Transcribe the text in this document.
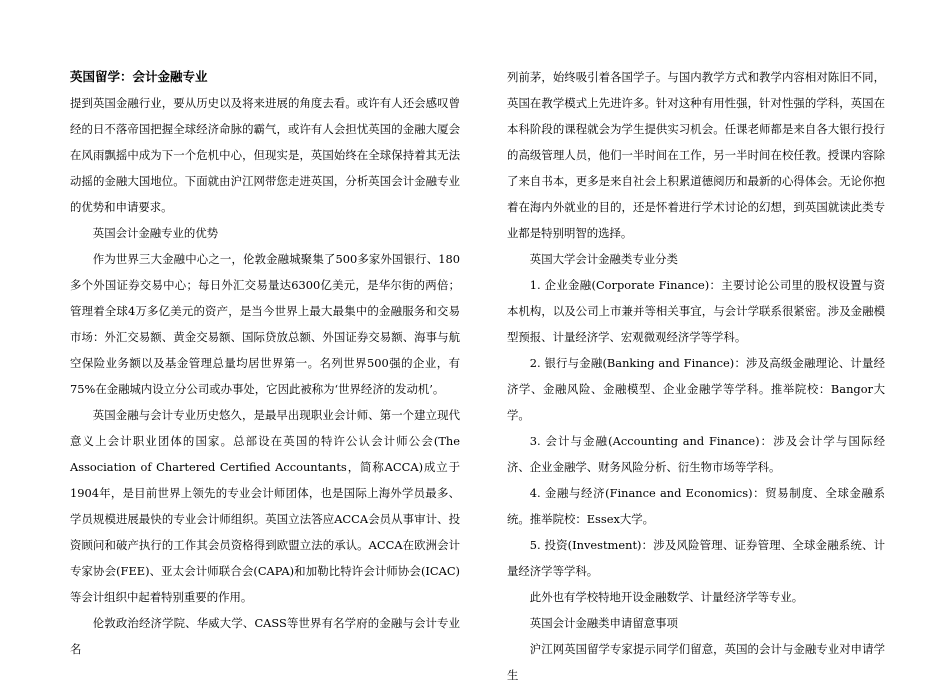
英国留学：会计金融专业

提到英国金融行业，要从历史以及将来进展的角度去看。或许有人还会感叹曾经的日不落帝国把握全球经济命脉的霸气，或许有人会担忧英国的金融大厦会在风雨飘摇中成为下一个危机中心，但现实是，英国始终在全球保持着其无法动摇的金融大国地位。下面就由沪江网带您走进英国，分析英国会计金融专业的优势和申请要求。

英国会计金融专业的优势

作为世界三大金融中心之一，伦敦金融城聚集了500多家外国银行、180多个外国证券交易中心；每日外汇交易量达6300亿美元，是华尔街的两倍；管理着全球4万多亿美元的资产，是当今世界上最大最集中的金融服务和交易市场：外汇交易额、黄金交易额、国际贷放总额、外国证券交易额、海事与航空保险业务额以及基金管理总量均居世界第一。名列世界500强的企业，有75%在金融城内设立分公司或办事处，它因此被称为‘世界经济的发动机’。

英国金融与会计专业历史悠久，是最早出现职业会计师、第一个建立现代意义上会计职业团体的国家。总部设在英国的特许公认会计师公会(The Association of Chartered Certified Accountants，简称ACCA)成立于1904年，是目前世界上领先的专业会计师团体，也是国际上海外学员最多、学员规模进展最快的专业会计师组织。英国立法答应ACCA会员从事审计、投资顾问和破产执行的工作其会员资格得到欧盟立法的承认。ACCA在欧洲会计专家协会(FEE)、亚太会计师联合会(CAPA)和加勒比特许会计师协会(ICAC)等会计组织中起着特别重要的作用。

伦敦政治经济学院、华威大学、CASS等世界有名学府的金融与会计专业名

列前茅，始终吸引着各国学子。与国内教学方式和教学内容相对陈旧不同，英国在教学模式上先进许多。针对这种有用性强，针对性强的学科，英国在本科阶段的课程就会为学生提供实习机会。任课老师都是来自各大银行投行的高级管理人员，他们一半时间在工作，另一半时间在校任教。授课内容除了来自书本，更多是来自社会上积累道德阅历和最新的心得体会。无论你抱着在海内外就业的目的，还是怀着进行学术讨论的幻想，到英国就读此类专业都是特别明智的选择。

英国大学会计金融类专业分类

1. 企业金融(Corporate Finance)：主要讨论公司里的股权设置与资本机构，以及公司上市兼并等相关事宜，与会计学联系很紧密。涉及金融模型预报、计量经济学、宏观微观经济学等学科。

2. 银行与金融(Banking and Finance)：涉及高级金融理论、计量经济学、金融风险、金融模型、企业金融学等学科。推举院校：Bangor大学。

3. 会计与金融(Accounting and Finance)：涉及会计学与国际经济、企业金融学、财务风险分析、衍生物市场等学科。

4. 金融与经济(Finance and Economics)：贸易制度、全球金融系统。推举院校：Essex大学。

5. 投资(Investment)：涉及风险管理、证券管理、全球金融系统、计量经济学等学科。

此外也有学校特地开设金融数学、计量经济学等专业。

英国会计金融类申请留意事项

沪江网英国留学专家提示同学们留意，英国的会计与金融专业对申请学生
